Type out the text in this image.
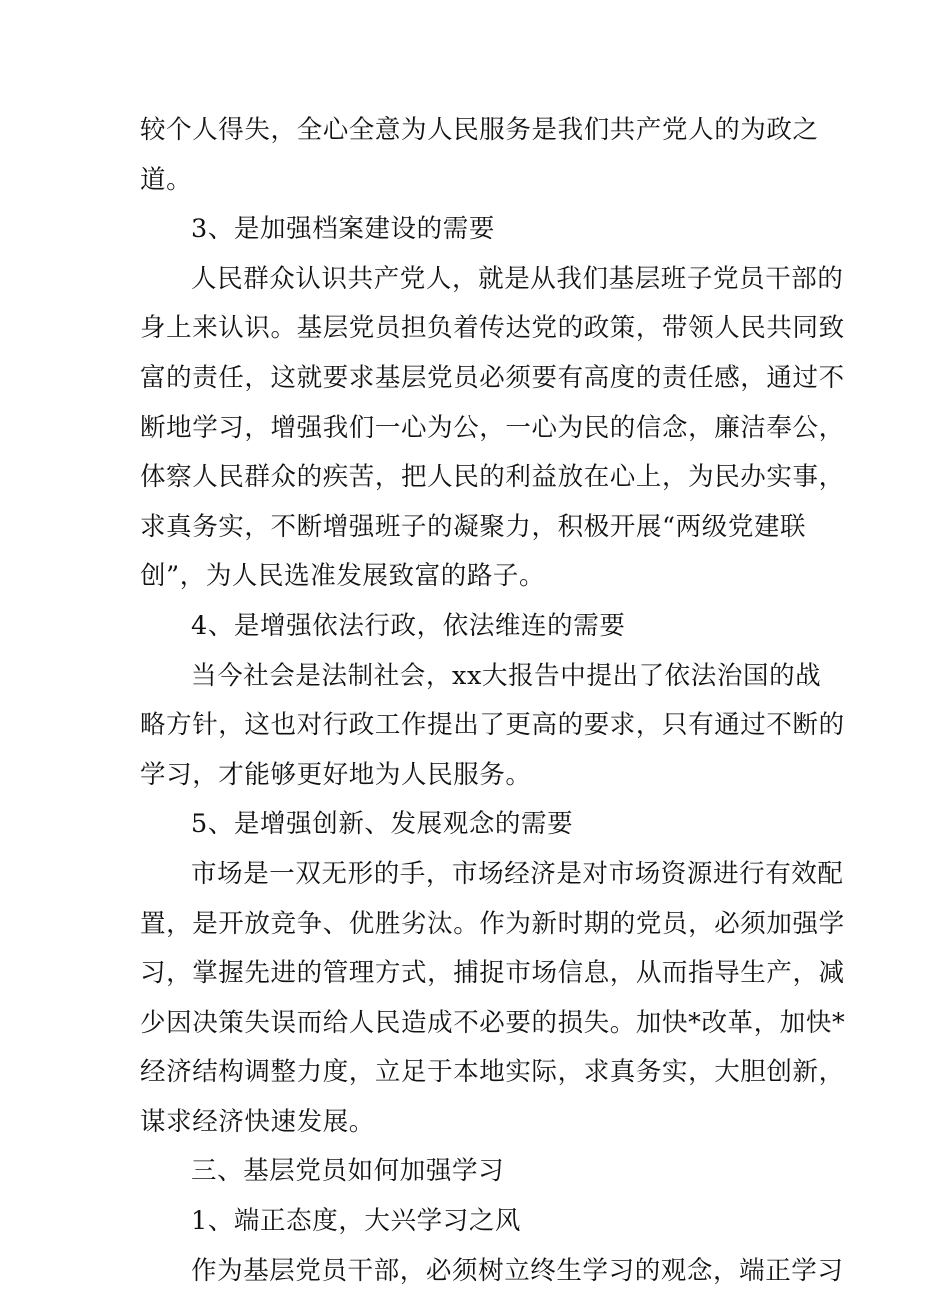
较个人得失，全心全意为人民服务是我们共产党人的为政之
道。
3、是加强档案建设的需要
人民群众认识共产党人，就是从我们基层班子党员干部的
身上来认识。基层党员担负着传达党的政策，带领人民共同致
富的责任，这就要求基层党员必须要有高度的责任感，通过不
断地学习，增强我们一心为公，一心为民的信念，廉洁奉公，
体察人民群众的疾苦，把人民的利益放在心上，为民办实事，
求真务实，不断增强班子的凝聚力，积极开展“两级党建联
创”，为人民选准发展致富的路子。
4、是增强依法行政，依法维连的需要
当今社会是法制社会，xx大报告中提出了依法治国的战
略方针，这也对行政工作提出了更高的要求，只有通过不断的
学习，才能够更好地为人民服务。
5、是增强创新、发展观念的需要
市场是一双无形的手，市场经济是对市场资源进行有效配
置，是开放竞争、优胜劣汰。作为新时期的党员，必须加强学
习，掌握先进的管理方式，捕捉市场信息，从而指导生产，减
少因决策失误而给人民造成不必要的损失。加快*改革，加快*
经济结构调整力度，立足于本地实际，求真务实，大胆创新，
谋求经济快速发展。
三、基层党员如何加强学习
1、端正态度，大兴学习之风
作为基层党员干部，必须树立终生学习的观念，端正学习
